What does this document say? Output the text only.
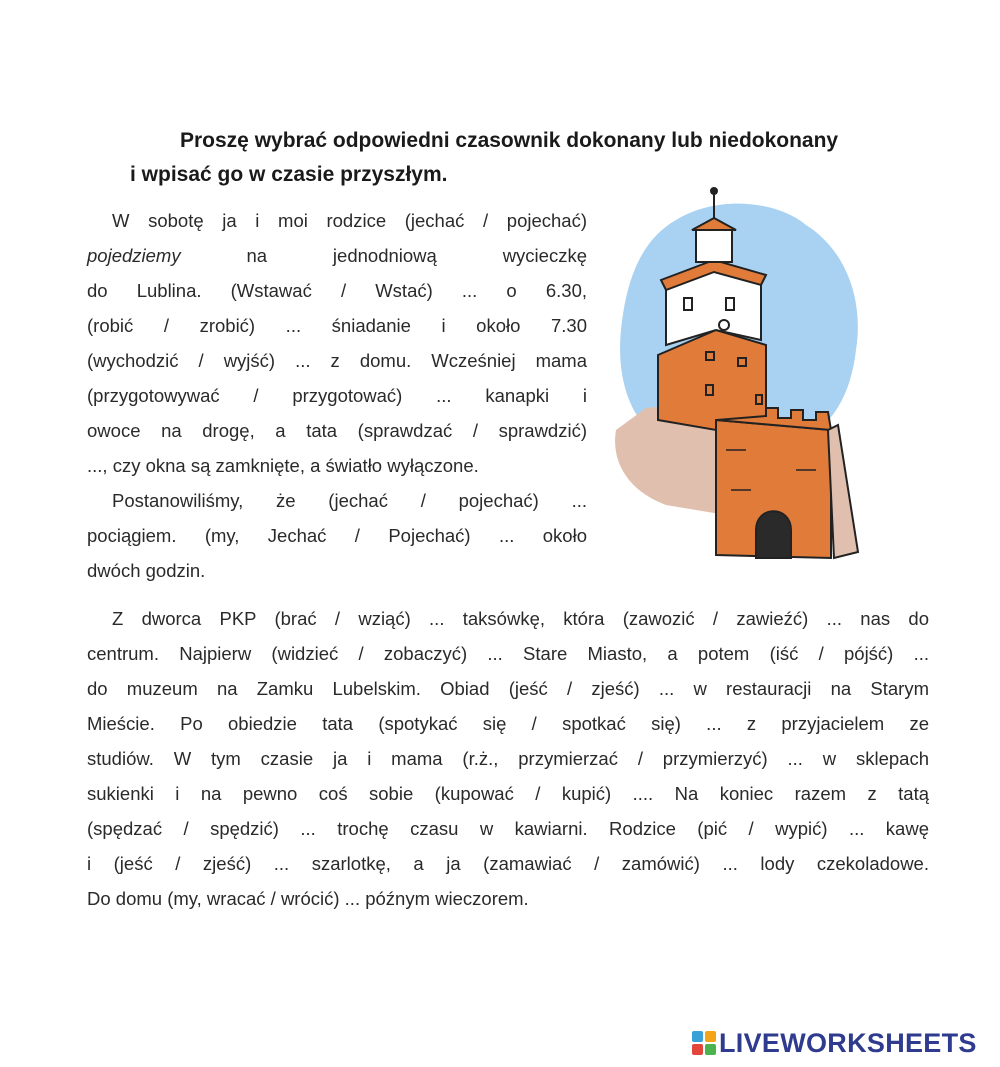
Proszę wybrać odpowiedni czasownik dokonany lub niedokonany
i wpisać go w czasie przyszłym.
W sobotę ja i moi rodzice (jechać / pojechać)
pojedziemy na jednodniową wycieczkę
do Lublina. (Wstawać / Wstać) ... o 6.30,
(robić / zrobić) ... śniadanie i około 7.30
(wychodzić / wyjść) ... z domu. Wcześniej mama
(przygotowywać / przygotować) ... kanapki i
owoce na drogę, a tata (sprawdzać / sprawdzić)
..., czy okna są zamknięte, a światło wyłączone.
Postanowiliśmy, że (jechać / pojechać) ...
pociągiem. (my, Jechać / Pojechać) ... około
dwóch godzin.
Z dworca PKP (brać / wziąć) ... taksówkę, która (zawozić / zawieźć) ... nas do
centrum. Najpierw (widzieć / zobaczyć) ... Stare Miasto, a potem (iść / pójść) ...
do muzeum na Zamku Lubelskim. Obiad (jeść / zjeść) ... w restauracji na Starym
Mieście. Po obiedzie tata (spotykać się / spotkać się) ... z przyjacielem ze
studiów. W tym czasie ja i mama (r.ż., przymierzać / przymierzyć) ... w sklepach
sukienki i na pewno coś sobie (kupować / kupić) .... Na koniec razem z tatą
(spędzać / spędzić) ... trochę czasu w kawiarni. Rodzice (pić / wypić) ... kawę
i (jeść / zjeść) ... szarlotkę, a ja (zamawiać / zamówić) ... lody czekoladowe.
Do domu (my, wracać / wrócić) ... późnym wieczorem.
LIVEWORKSHEETS
